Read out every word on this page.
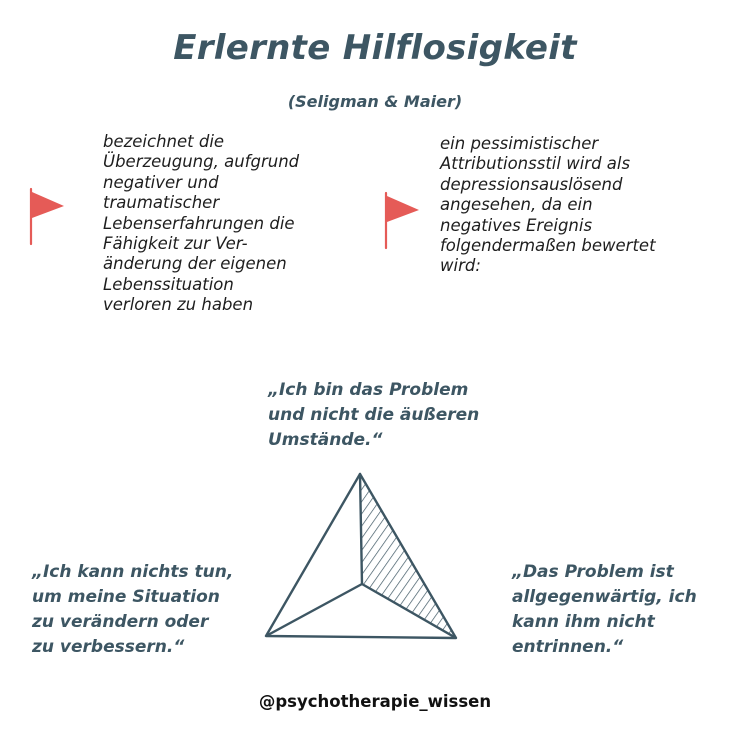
Erlernte Hilflosigkeit

(Seligman & Maier)

bezeichnet die
Überzeugung, aufgrund
negativer und
traumatischer
Lebenserfahrungen die
Fähigkeit zur Ver-
änderung der eigenen
Lebenssituation
verloren zu haben
ein pessimistischer
Attributionsstil wird als
depressionsauslösend
angesehen, da ein
negatives Ereignis
folgendermaßen bewertet
wird:
„Ich bin das Problem
und nicht die äußeren
Umstände.“
„Ich kann nichts tun,
um meine Situation
zu verändern oder
zu verbessern.“
„Das Problem ist
allgegenwärtig, ich
kann ihm nicht
entrinnen.“

@psychotherapie_wissen
